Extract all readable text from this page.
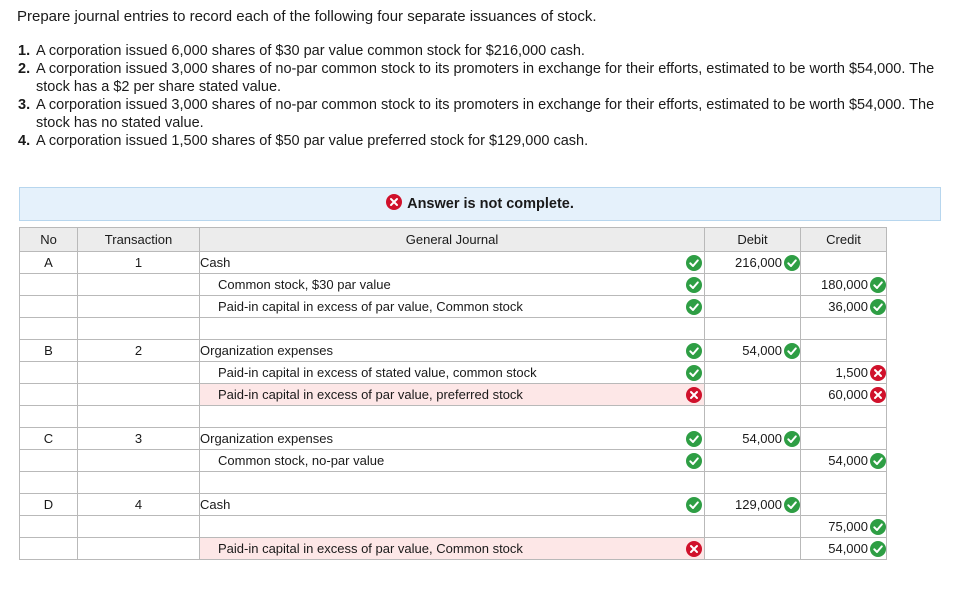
Prepare journal entries to record each of the following four separate issuances of stock.
1. A corporation issued 6,000 shares of $30 par value common stock for $216,000 cash.
2. A corporation issued 3,000 shares of no-par common stock to its promoters in exchange for their efforts, estimated to be worth $54,000. The stock has a $2 per share stated value.
3. A corporation issued 3,000 shares of no-par common stock to its promoters in exchange for their efforts, estimated to be worth $54,000. The stock has no stated value.
4. A corporation issued 1,500 shares of $50 par value preferred stock for $129,000 cash.
Answer is not complete.
No	Transaction	General Journal	Debit	Credit
A	1	Cash	216,000

		Common stock, $30 par value		180,000

		Paid-in capital in excess of par value, Common stock		36,000

B	2	Organization expenses	54,000

		Paid-in capital in excess of stated value, common stock		1,500

		Paid-in capital in excess of par value, preferred stock		60,000

C	3	Organization expenses	54,000

		Common stock, no-par value		54,000

D	4	Cash	129,000

				75,000

		Paid-in capital in excess of par value, Common stock		54,000
